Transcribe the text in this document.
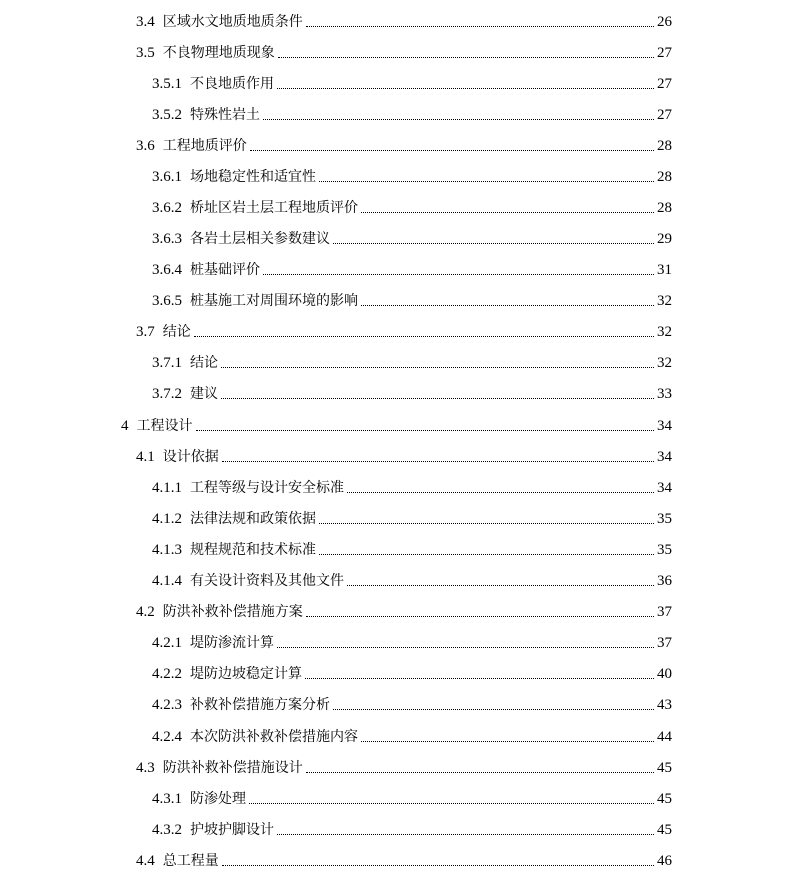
3.4 区域水文地质地质条件	26
3.5 不良物理地质现象	27
3.5.1 不良地质作用	27
3.5.2 特殊性岩土	27
3.6 工程地质评价	28
3.6.1 场地稳定性和适宜性	28
3.6.2 桥址区岩土层工程地质评价	28
3.6.3 各岩土层相关参数建议	29
3.6.4 桩基础评价	31
3.6.5 桩基施工对周围环境的影响	32
3.7 结论	32
3.7.1 结论	32
3.7.2 建议	33
4 工程设计	34
4.1 设计依据	34
4.1.1 工程等级与设计安全标准	34
4.1.2 法律法规和政策依据	35
4.1.3 规程规范和技术标准	35
4.1.4 有关设计资料及其他文件	36
4.2 防洪补救补偿措施方案	37
4.2.1 堤防渗流计算	37
4.2.2 堤防边坡稳定计算	40
4.2.3 补救补偿措施方案分析	43
4.2.4 本次防洪补救补偿措施内容	44
4.3 防洪补救补偿措施设计	45
4.3.1 防渗处理	45
4.3.2 护坡护脚设计	45
4.4 总工程量	46
